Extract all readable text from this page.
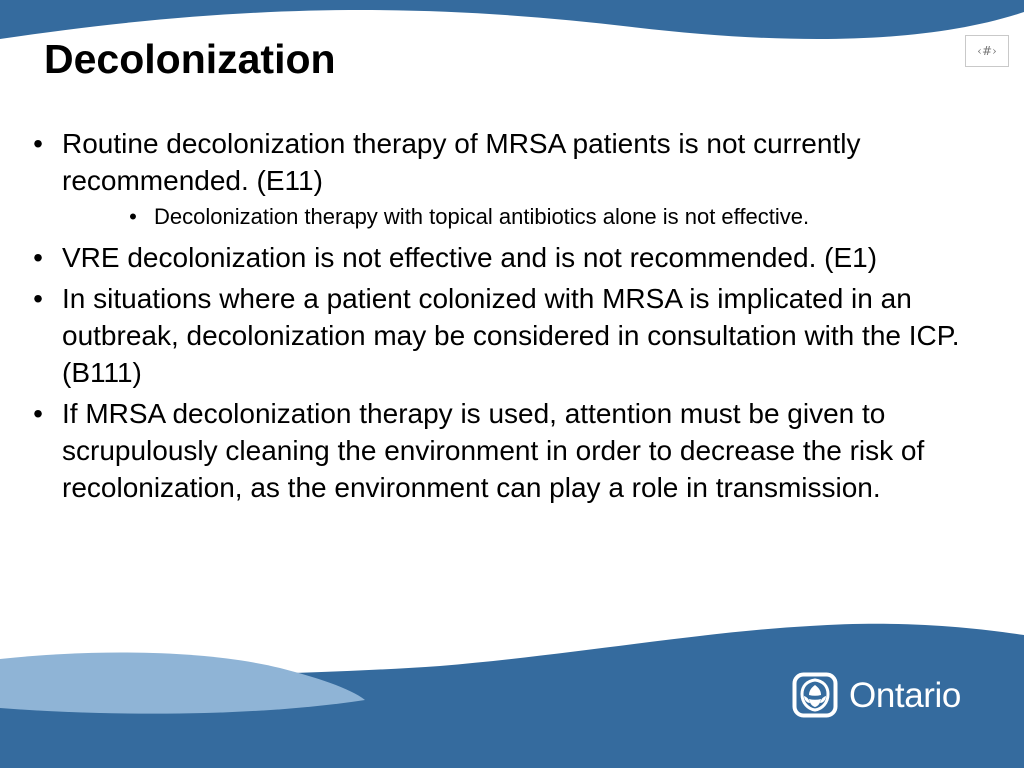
Decolonization	‹#›
• Routine decolonization therapy of MRSA patients is not currently recommended. (E11)
• Decolonization therapy with topical antibiotics alone is not effective.
• VRE decolonization is not effective and is not recommended. (E1)
• In situations where a patient colonized with MRSA is implicated in an outbreak, decolonization may be considered in consultation with the ICP. (B111)
• If MRSA decolonization therapy is used, attention must be given to scrupulously cleaning the environment in order to decrease the risk of recolonization, as the environment can play a role in transmission.
Ontario
